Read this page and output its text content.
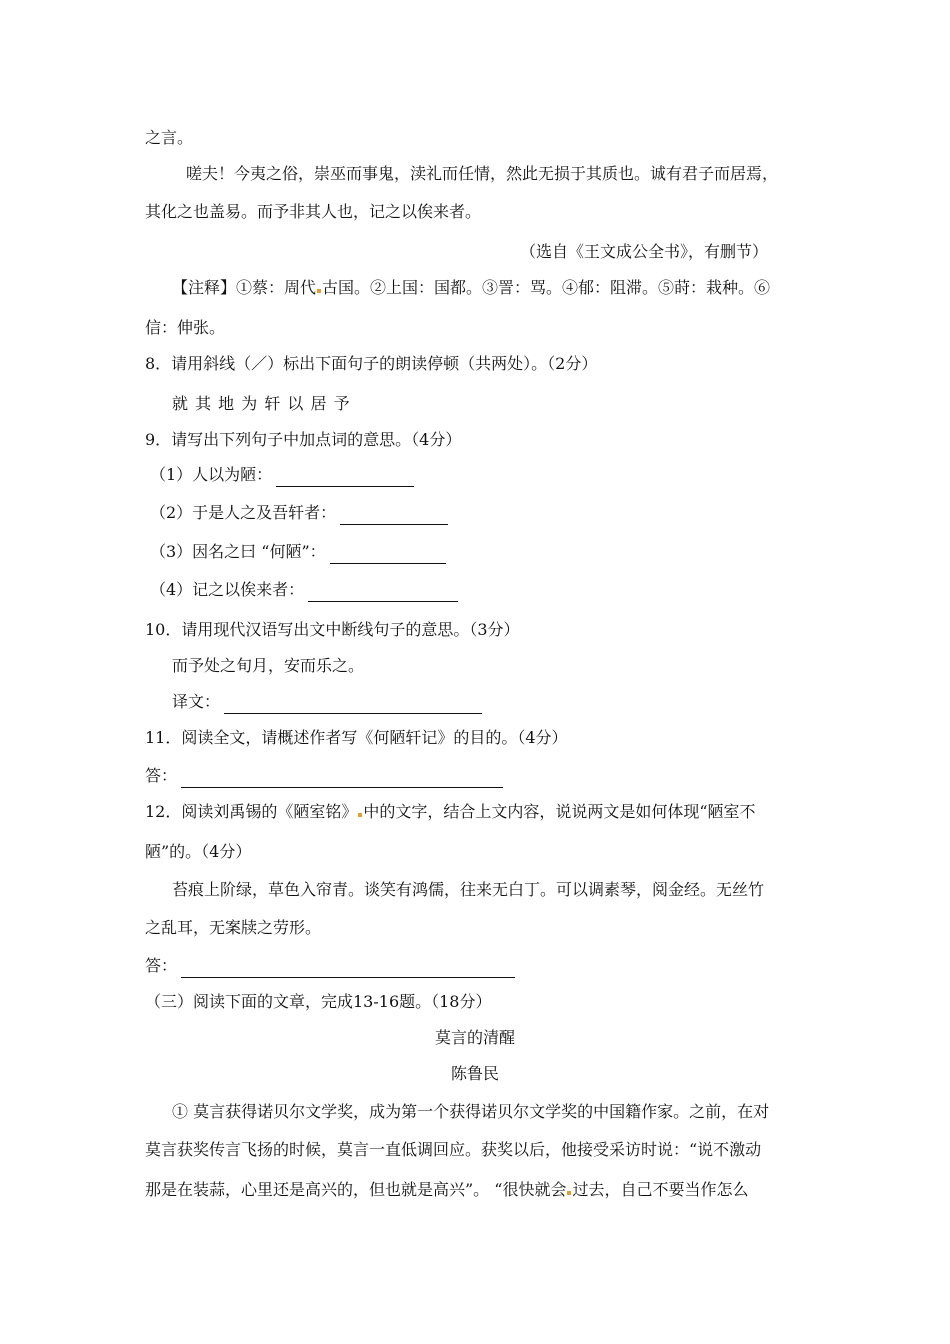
之言。
嗟夫！今夷之俗，崇巫而事鬼，渎礼而任情，然此无损于其质也。诚有君子而居焉，
其化之也盖易。而予非其人也，记之以俟来者。
（选自《王文成公全书》，有删节）
【注释】①蔡：周代 古国。②上国：国都。③詈：骂。④郁：阻滞。⑤莳：栽种。⑥
信：伸张。
8．请用斜线（／）标出下面句子的朗读停顿（共两处）。（2分）
就 其 地 为 轩 以 居 予
9．请写出下列句子中加点词的意思。（4分）
（1）人以为陋：
（2）于是人之及吾轩者：
（3）因名之曰 “何陋”：
（4）记之以俟来者：
10．请用现代汉语写出文中断线句子的意思。（3分）
而予处之旬月，安而乐之。
译文：
11．阅读全文，请概述作者写《何陋轩记》的目的。（4分）
答：
12．阅读刘禹锡的《陋室铭》 中的文字，结合上文内容，说说两文是如何体现“陋室不
陋”的。（4分）
苔痕上阶绿，草色入帘青。谈笑有鸿儒，往来无白丁。可以调素琴，阅金经。无丝竹
之乱耳，无案牍之劳形。
答：
（三）阅读下面的文章，完成13-16题。（18分）
莫言的清醒
陈鲁民
① 莫言获得诺贝尔文学奖，成为第一个获得诺贝尔文学奖的中国籍作家。之前，在对
莫言获奖传言飞扬的时候，莫言一直低调回应。获奖以后，他接受采访时说：“说不激动
那是在装蒜，心里还是高兴的，但也就是高兴”。 “很快就会 过去，自己不要当作怎么
